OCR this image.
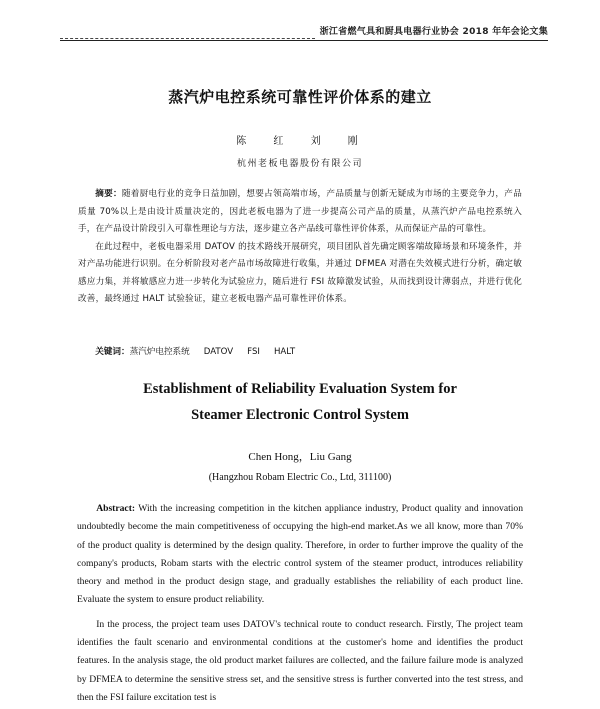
浙江省燃气具和厨具电器行业协会 2018 年年会论文集
蒸汽炉电控系统可靠性评价体系的建立
陈 红 刘 刚
杭州老板电器股份有限公司

摘要：随着厨电行业的竞争日益加剧，想要占领高端市场，产品质量与创新无疑成为市场的主要竞争力，产品质量 70%以上是由设计质量决定的，因此老板电器为了进一步提高公司产品的质量，从蒸汽炉产品电控系统入手，在产品设计阶段引入可靠性理论与方法，逐步建立各产品线可靠性评价体系，从而保证产品的可靠性。

在此过程中，老板电器采用 DATOV 的技术路线开展研究，项目团队首先确定顾客端故障场景和环境条件，并对产品功能进行识别。在分析阶段对老产品市场故障进行收集，并通过 DFMEA 对潜在失效模式进行分析，确定敏感应力集，并将敏感应力进一步转化为试验应力，随后进行 FSI 故障激发试验，从而找到设计薄弱点，并进行优化改善，最终通过 HALT 试验验证，建立老板电器产品可靠性评价体系。

关键词：蒸汽炉电控系统 DATOV FSI HALT
Establishment of Reliability Evaluation System for
Steamer Electronic Control System
Chen Hong，Liu Gang
(Hangzhou Robam Electric Co., Ltd, 311100)

Abstract: With the increasing competition in the kitchen appliance industry, Product quality and innovation undoubtedly become the main competitiveness of occupying the high-end market.As we all know, more than 70% of the product quality is determined by the design quality. Therefore, in order to further improve the quality of the company's products, Robam starts with the electric control system of the steamer product, introduces reliability theory and method in the product design stage, and gradually establishes the reliability of each product line. Evaluate the system to ensure product reliability.

In the process, the project team uses DATOV's technical route to conduct research. Firstly, The project team identifies the fault scenario and environmental conditions at the customer's home and identifies the product features. In the analysis stage, the old product market failures are collected, and the failure failure mode is analyzed by DFMEA to determine the sensitive stress set, and the sensitive stress is further converted into the test stress, and then the FSI failure excitation test is
